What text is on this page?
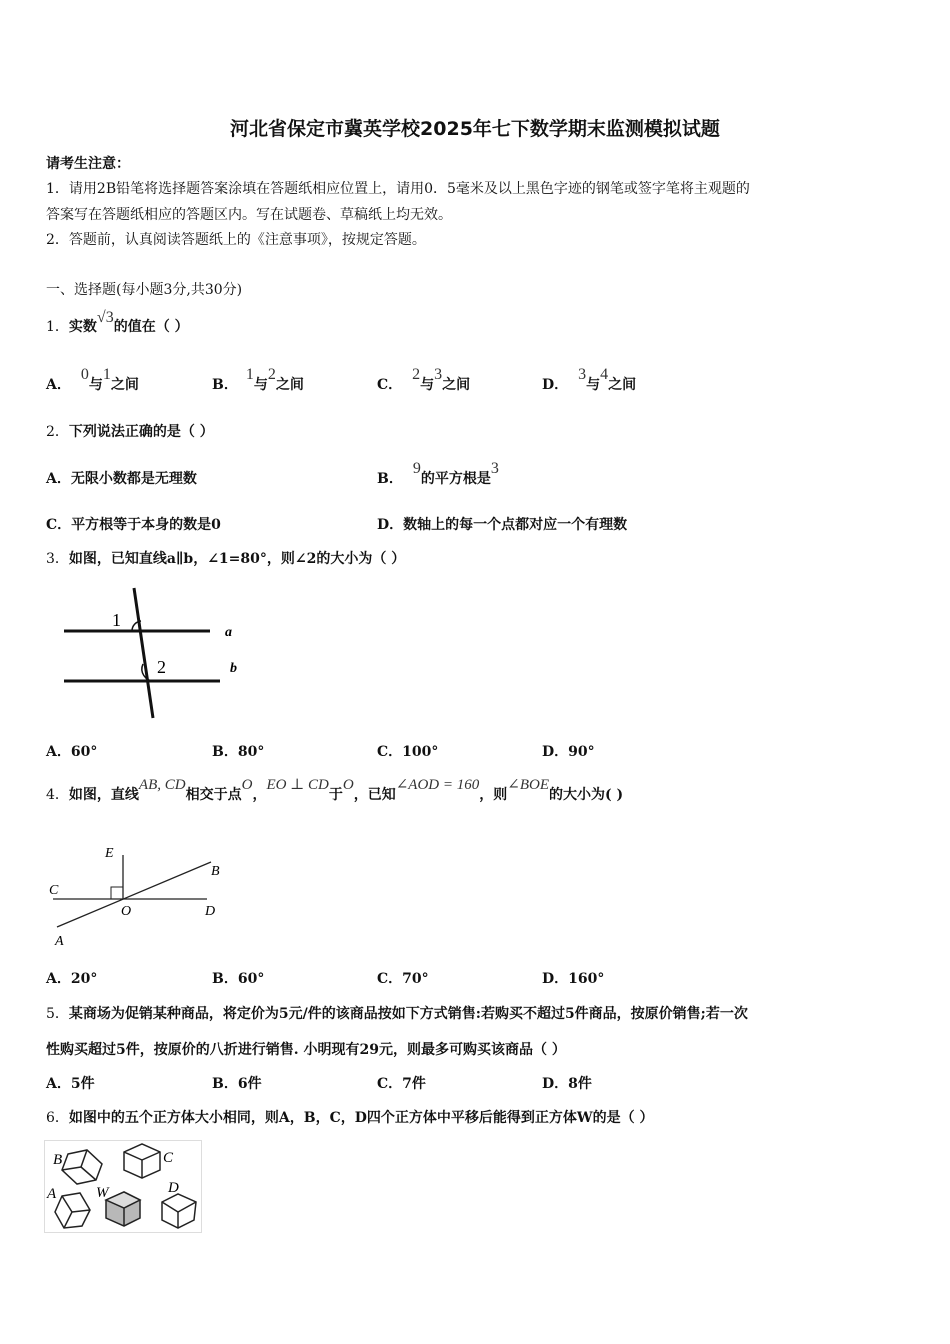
河北省保定市冀英学校2025年七下数学期末监测模拟试题
请考生注意：
1．请用2B铅笔将选择题答案涂填在答题纸相应位置上，请用0．5毫米及以上黑色字迹的钢笔或签字笔将主观题的
答案写在答题纸相应的答题区内。写在试题卷、草稿纸上均无效。
2．答题前，认真阅读答题纸上的《注意事项》，按规定答题。
一、选择题(每小题3分,共30分)
1．实数√3的值在（ ）
A．0与1之间	B．1与2之间	C．2与3之间	D．3与4之间
2．下列说法正确的是（ ）
A．无限小数都是无理数	B．9的平方根是3
C．平方根等于本身的数是0	D．数轴上的每一个点都对应一个有理数
3．如图，已知直线a∥b，∠1=80°，则∠2的大小为（ ）
1
2
a
b
A．60°	B．80°	C．100°	D．90°
4．如图，直线AB, CD相交于点O，EO ⊥ CD于O，已知∠AOD = 160，则∠BOE的大小为( )
E
B
C
O	D
A
A．20°	B．60°	C．70°	D．160°
5．某商场为促销某种商品，将定价为5元/件的该商品按如下方式销售:若购买不超过5件商品，按原价销售;若一次
性购买超过5件，按原价的八折进行销售. 小明现有29元，则最多可购买该商品（ ）
A．5件	B．6件	C．7件	D．8件
6．如图中的五个正方体大小相同，则A，B，C，D四个正方体中平移后能得到正方体W的是（ ）
B	C
A	W	D
